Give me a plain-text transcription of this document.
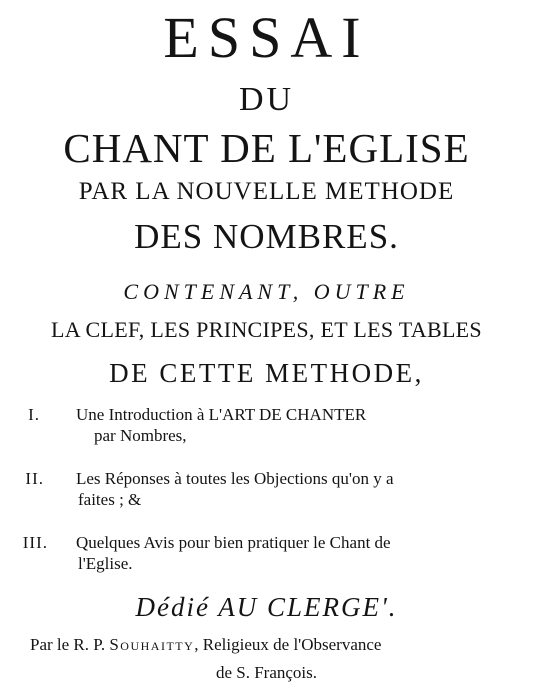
ESSAI
DU
CHANT DE L'EGLISE
PAR LA NOUVELLE METHODE
DES NOMBRES.
CONTENANT, OUTRE
LA CLEF, LES PRINCIPES, ET LES TABLES
DE CETTE METHODE,
I. Une Introduction à L'ART DE CHANTER
par Nombres,
II. Les Réponses à toutes les Objections qu'on y a
faites ; &
III. Quelques Avis pour bien pratiquer le Chant de
l'Eglise.
Dédié AU CLERGE'.
Par le R. P. Souhaitty, Religieux de l'Observance
de S. François.
